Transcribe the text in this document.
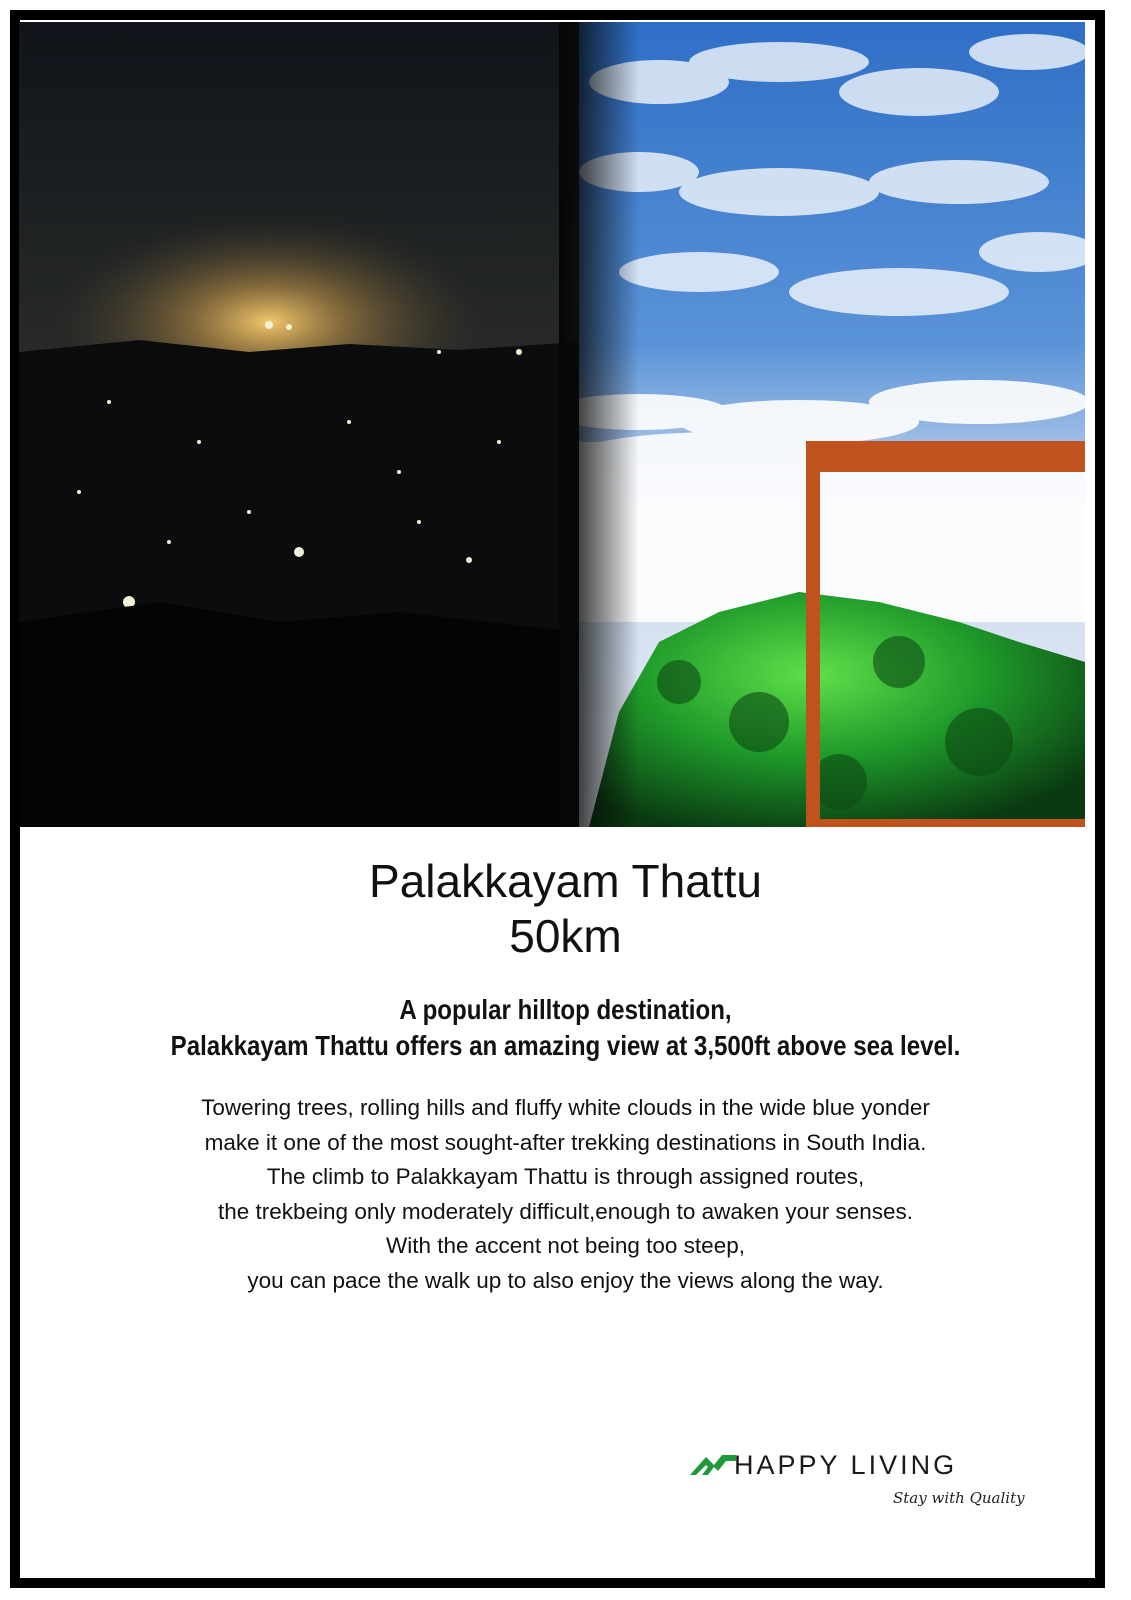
Palakkayam Thattu
50km
A popular hilltop destination,
Palakkayam Thattu offers an amazing view at 3,500ft above sea level.
Towering trees, rolling hills and fluffy white clouds in the wide blue yonder
make it one of the most sought-after trekking destinations in South India.
The climb to Palakkayam Thattu is through assigned routes,
the trekbeing only moderately difficult,enough to awaken your senses.
With the accent not being too steep,
you can pace the walk up to also enjoy the views along the way.
HAPPY LIVING
Stay with Quality
